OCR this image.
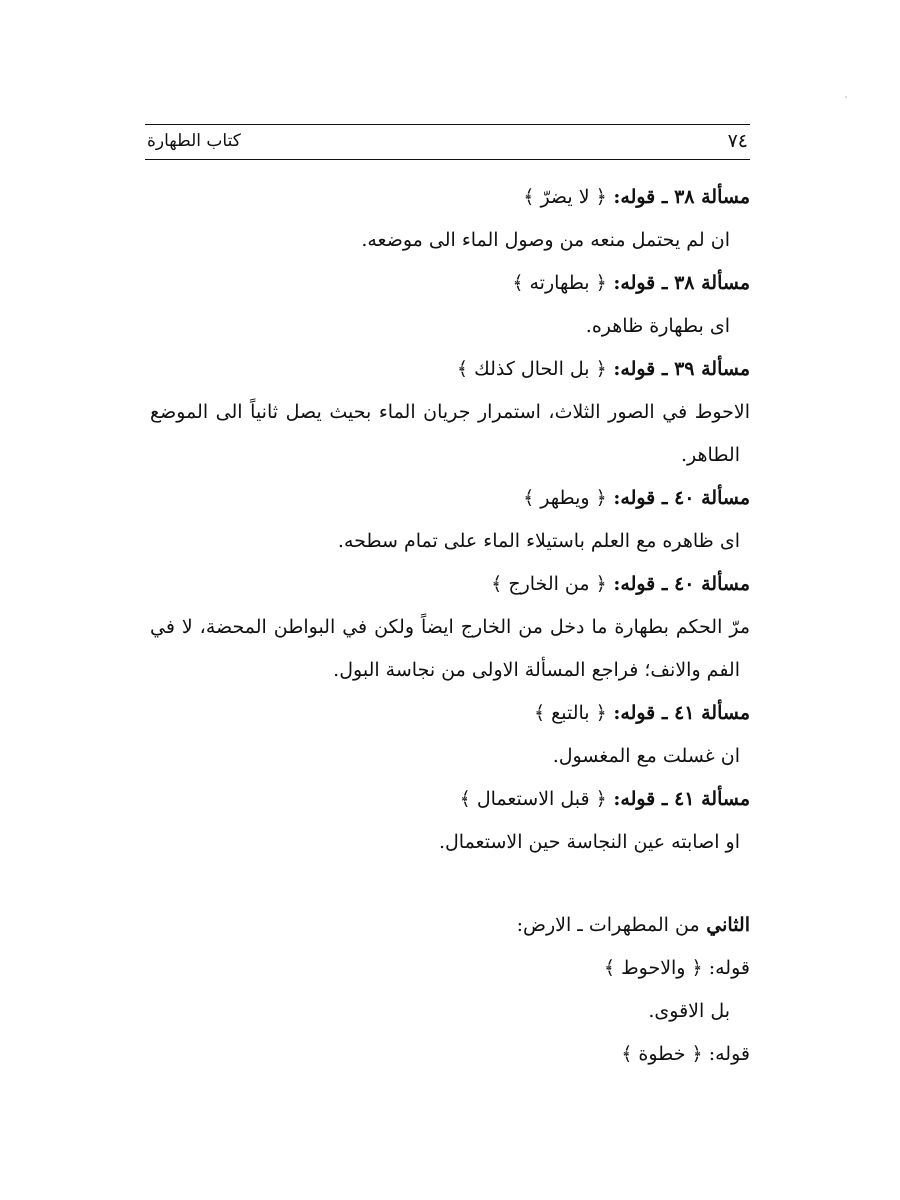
٧٤
كتاب الطهارة
مسألة ٣٨ ـ قوله: ﴿ لا يضرّ ﴾
ان لم يحتمل منعه من وصول الماء الى موضعه.
مسألة ٣٨ ـ قوله: ﴿ بطهارته ﴾
اى بطهارة ظاهره.
مسألة ٣٩ ـ قوله: ﴿ بل الحال كذلك ﴾
الاحوط في الصور الثلاث، استمرار جريان الماء بحيث يصل ثانياً الى الموضع
الطاهر.
مسألة ٤٠ ـ قوله: ﴿ ويطهر ﴾
اى ظاهره مع العلم باستيلاء الماء على تمام سطحه.
مسألة ٤٠ ـ قوله: ﴿ من الخارج ﴾
مرّ الحكم بطهارة ما دخل من الخارج ايضاً ولكن في البواطن المحضة، لا في
الفم والانف؛ فراجع المسألة الاولى من نجاسة البول.
مسألة ٤١ ـ قوله: ﴿ بالتبع ﴾
ان غسلت مع المغسول.
مسألة ٤١ ـ قوله: ﴿ قبل الاستعمال ﴾
او اصابته عين النجاسة حين الاستعمال.
الثاني من المطهرات ـ الارض:
قوله: ﴿ والاحوط ﴾
بل الاقوى.
قوله: ﴿ خطوة ﴾
